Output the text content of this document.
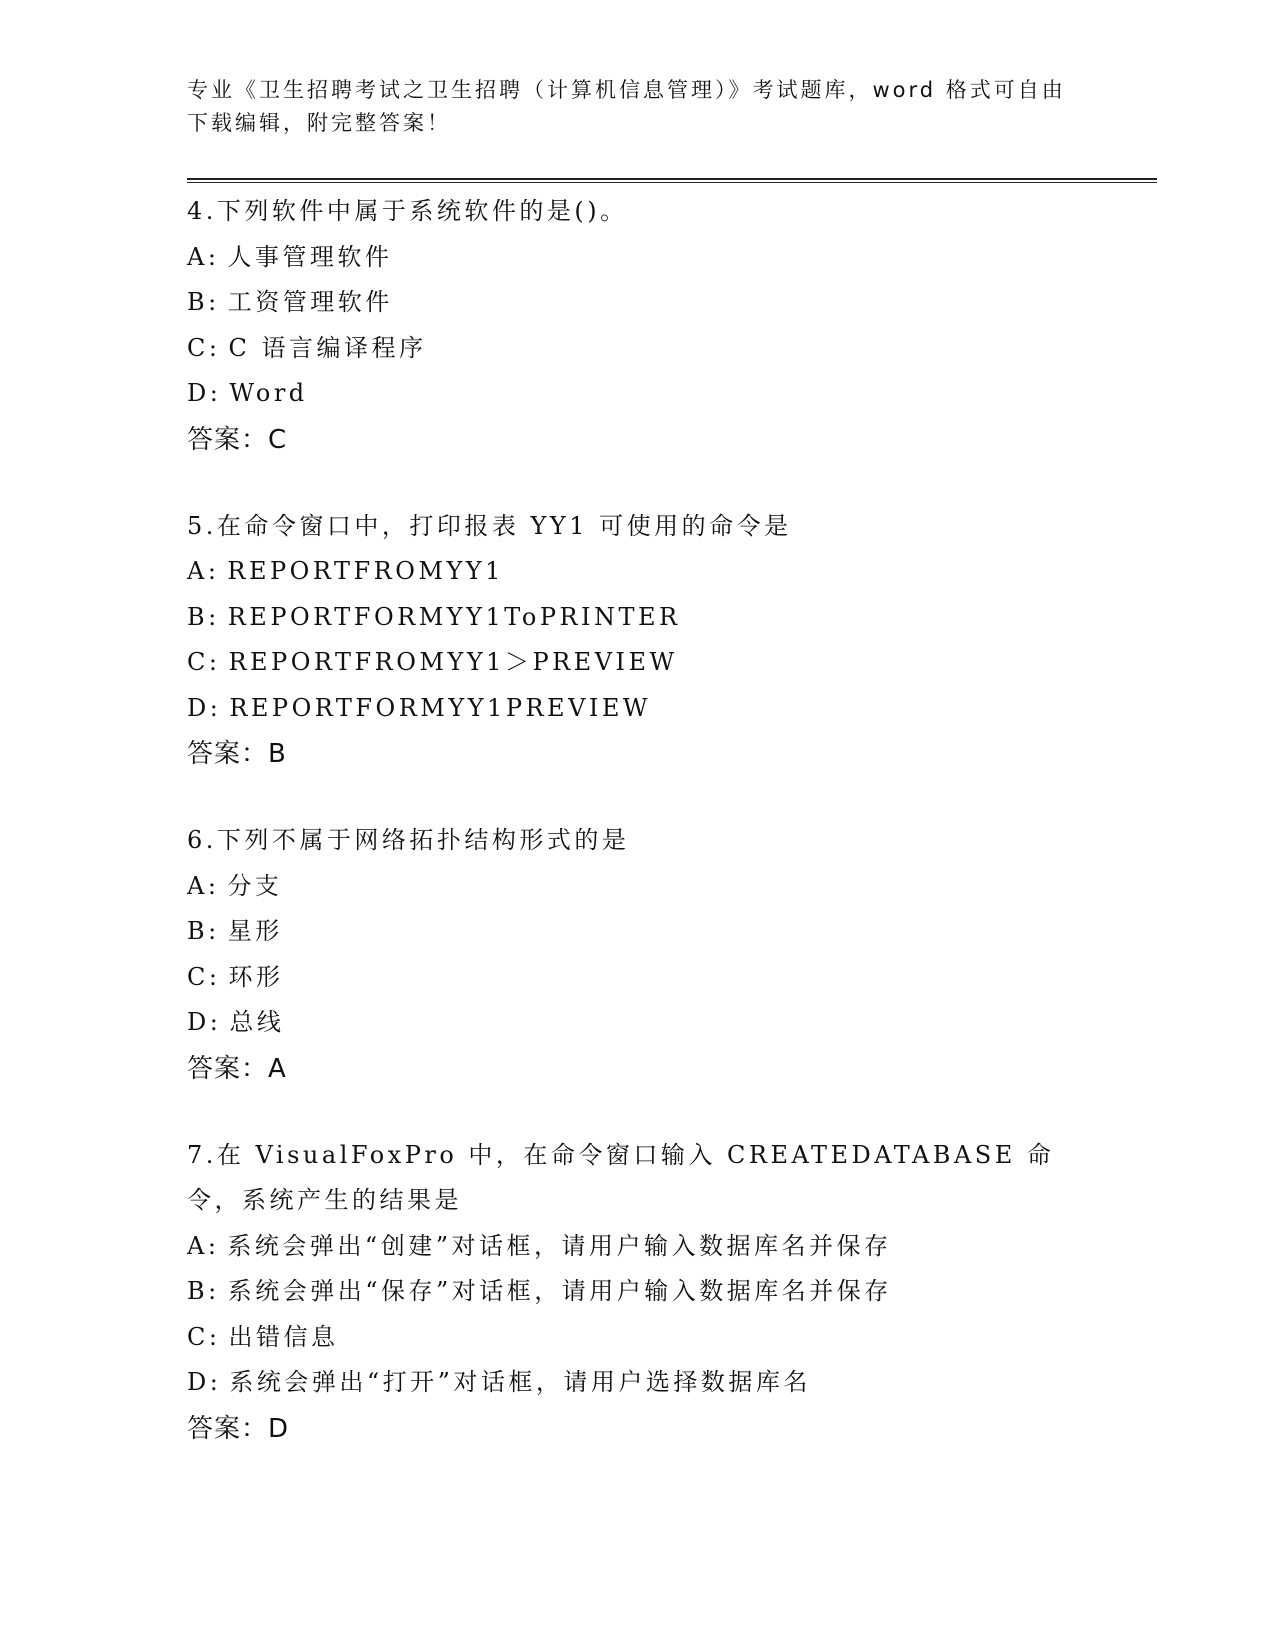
专业《卫生招聘考试之卫生招聘（计算机信息管理）》考试题库，word 格式可自由下载编辑，附完整答案！
4.下列软件中属于系统软件的是()。
A: 人事管理软件
B: 工资管理软件
C: C 语言编译程序
D: Word
答案：C
5.在命令窗口中，打印报表 YY1 可使用的命令是
A: REPORTFROMYY1
B: REPORTFORMYY1ToPRINTER
C: REPORTFROMYY1＞PREVIEW
D: REPORTFORMYY1PREVIEW
答案：B
6.下列不属于网络拓扑结构形式的是
A: 分支
B: 星形
C: 环形
D: 总线
答案：A
7.在 VisualFoxPro 中，在命令窗口输入 CREATEDATABASE 命令，系统产生的结果是
A: 系统会弹出“创建”对话框，请用户输入数据库名并保存
B: 系统会弹出“保存”对话框，请用户输入数据库名并保存
C: 出错信息
D: 系统会弹出“打开”对话框，请用户选择数据库名
答案：D
